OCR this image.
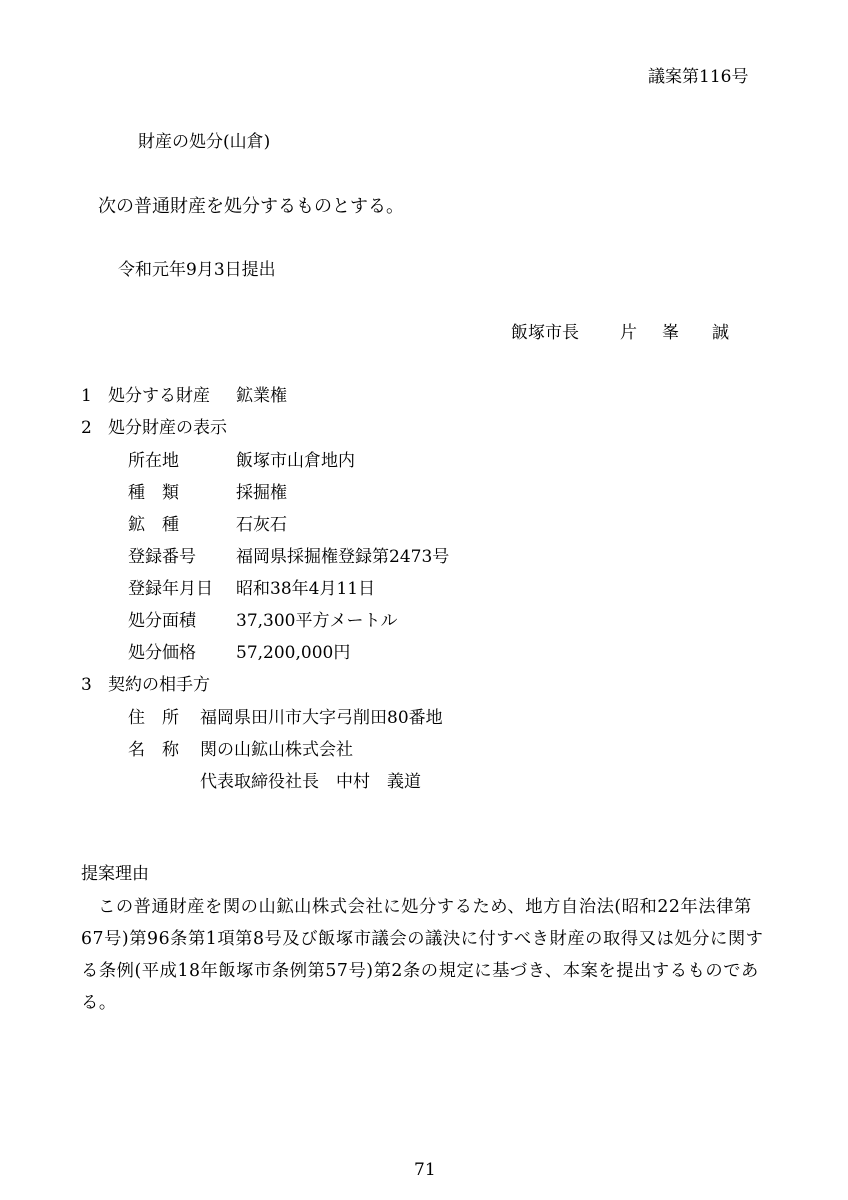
議案第116号
財産の処分(山倉)
次の普通財産を処分するものとする。
令和元年9月3日提出
飯塚市長 片　峯 誠
1 処分する財産 鉱業権
2 処分財産の表示
所在地	飯塚市山倉地内
種　類	採掘権
鉱　種	石灰石
登録番号 福岡県採掘権登録第2473号
登録年月日 昭和38年4月11日
処分面積 37,300平方メートル
処分価格 57,200,000円
3 契約の相手方
住　所 福岡県田川市大字弓削田80番地
名　称 関の山鉱山株式会社
代表取締役社長　中村　義道
提案理由
この普通財産を関の山鉱山株式会社に処分するため、地方自治法(昭和22年法律第
67号)第96条第1項第8号及び飯塚市議会の議決に付すべき財産の取得又は処分に関す
る条例(平成18年飯塚市条例第57号)第2条の規定に基づき、本案を提出するものであ
る。
71
